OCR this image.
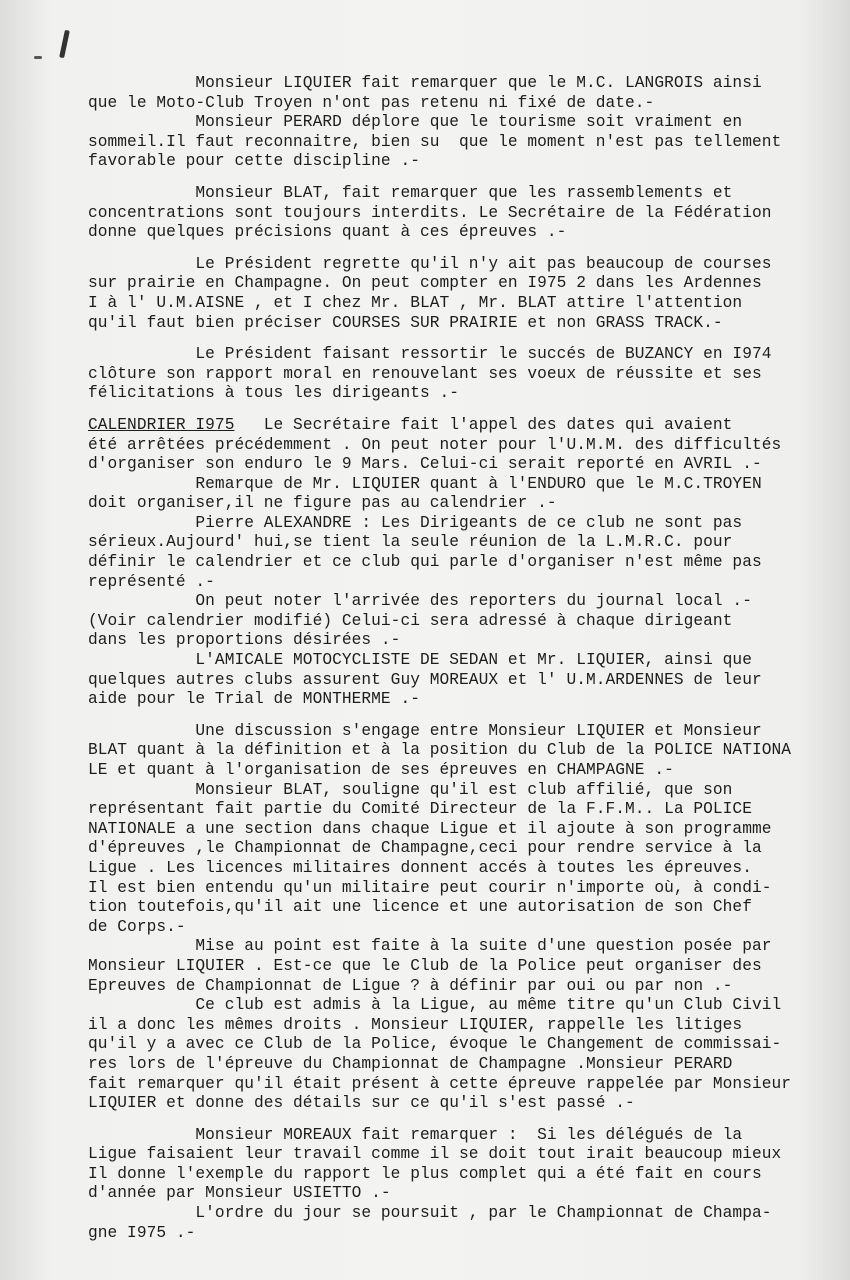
Monsieur LIQUIER fait remarquer que le M.C. LANGROIS ainsi
que le Moto-Club Troyen n'ont pas retenu ni fixé de date.-
Monsieur PERARD déplore que le tourisme soit vraiment en
sommeil.Il faut reconnaitre, bien su  que le moment n'est pas tellement
favorable pour cette discipline .-
Monsieur BLAT, fait remarquer que les rassemblements et
concentrations sont toujours interdits. Le Secrétaire de la Fédération
donne quelques précisions quant à ces épreuves .-
Le Président regrette qu'il n'y ait pas beaucoup de courses
sur prairie en Champagne. On peut compter en I975 2 dans les Ardennes
I à l' U.M.AISNE , et I chez Mr. BLAT , Mr. BLAT attire l'attention
qu'il faut bien préciser COURSES SUR PRAIRIE et non GRASS TRACK.-
Le Président faisant ressortir le succés de BUZANCY en I974
clôture son rapport moral en renouvelant ses voeux de réussite et ses
félicitations à tous les dirigeants .-
CALENDRIER I975   Le Secrétaire fait l'appel des dates qui avaient
été arrêtées précédemment . On peut noter pour l'U.M.M. des difficultés
d'organiser son enduro le 9 Mars. Celui-ci serait reporté en AVRIL .-
Remarque de Mr. LIQUIER quant à l'ENDURO que le M.C.TROYEN
doit organiser,il ne figure pas au calendrier .-
Pierre ALEXANDRE : Les Dirigeants de ce club ne sont pas
sérieux.Aujourd' hui,se tient la seule réunion de la L.M.R.C. pour
définir le calendrier et ce club qui parle d'organiser n'est même pas
représenté .-
On peut noter l'arrivée des reporters du journal local .-
(Voir calendrier modifié) Celui-ci sera adressé à chaque dirigeant
dans les proportions désirées .-
L'AMICALE MOTOCYCLISTE DE SEDAN et Mr. LIQUIER, ainsi que
quelques autres clubs assurent Guy MOREAUX et l' U.M.ARDENNES de leur
aide pour le Trial de MONTHERME .-
Une discussion s'engage entre Monsieur LIQUIER et Monsieur
BLAT quant à la définition et à la position du Club de la POLICE NATIONA
LE et quant à l'organisation de ses épreuves en CHAMPAGNE .-
Monsieur BLAT, souligne qu'il est club affilié, que son
représentant fait partie du Comité Directeur de la F.F.M.. La POLICE
NATIONALE a une section dans chaque Ligue et il ajoute à son programme
d'épreuves ,le Championnat de Champagne,ceci pour rendre service à la
Ligue . Les licences militaires donnent accés à toutes les épreuves.
Il est bien entendu qu'un militaire peut courir n'importe où, à condi-
tion toutefois,qu'il ait une licence et une autorisation de son Chef
de Corps.-
Mise au point est faite à la suite d'une question posée par
Monsieur LIQUIER . Est-ce que le Club de la Police peut organiser des
Epreuves de Championnat de Ligue ? à définir par oui ou par non .-
Ce club est admis à la Ligue, au même titre qu'un Club Civil
il a donc les mêmes droits . Monsieur LIQUIER, rappelle les litiges
qu'il y a avec ce Club de la Police, évoque le Changement de commissai-
res lors de l'épreuve du Championnat de Champagne .Monsieur PERARD
fait remarquer qu'il était présent à cette épreuve rappelée par Monsieur
LIQUIER et donne des détails sur ce qu'il s'est passé .-
Monsieur MOREAUX fait remarquer :  Si les délégués de la
Ligue faisaient leur travail comme il se doit tout irait beaucoup mieux
Il donne l'exemple du rapport le plus complet qui a été fait en cours
d'année par Monsieur USIETTO .-
L'ordre du jour se poursuit , par le Championnat de Champa-
gne I975 .-
